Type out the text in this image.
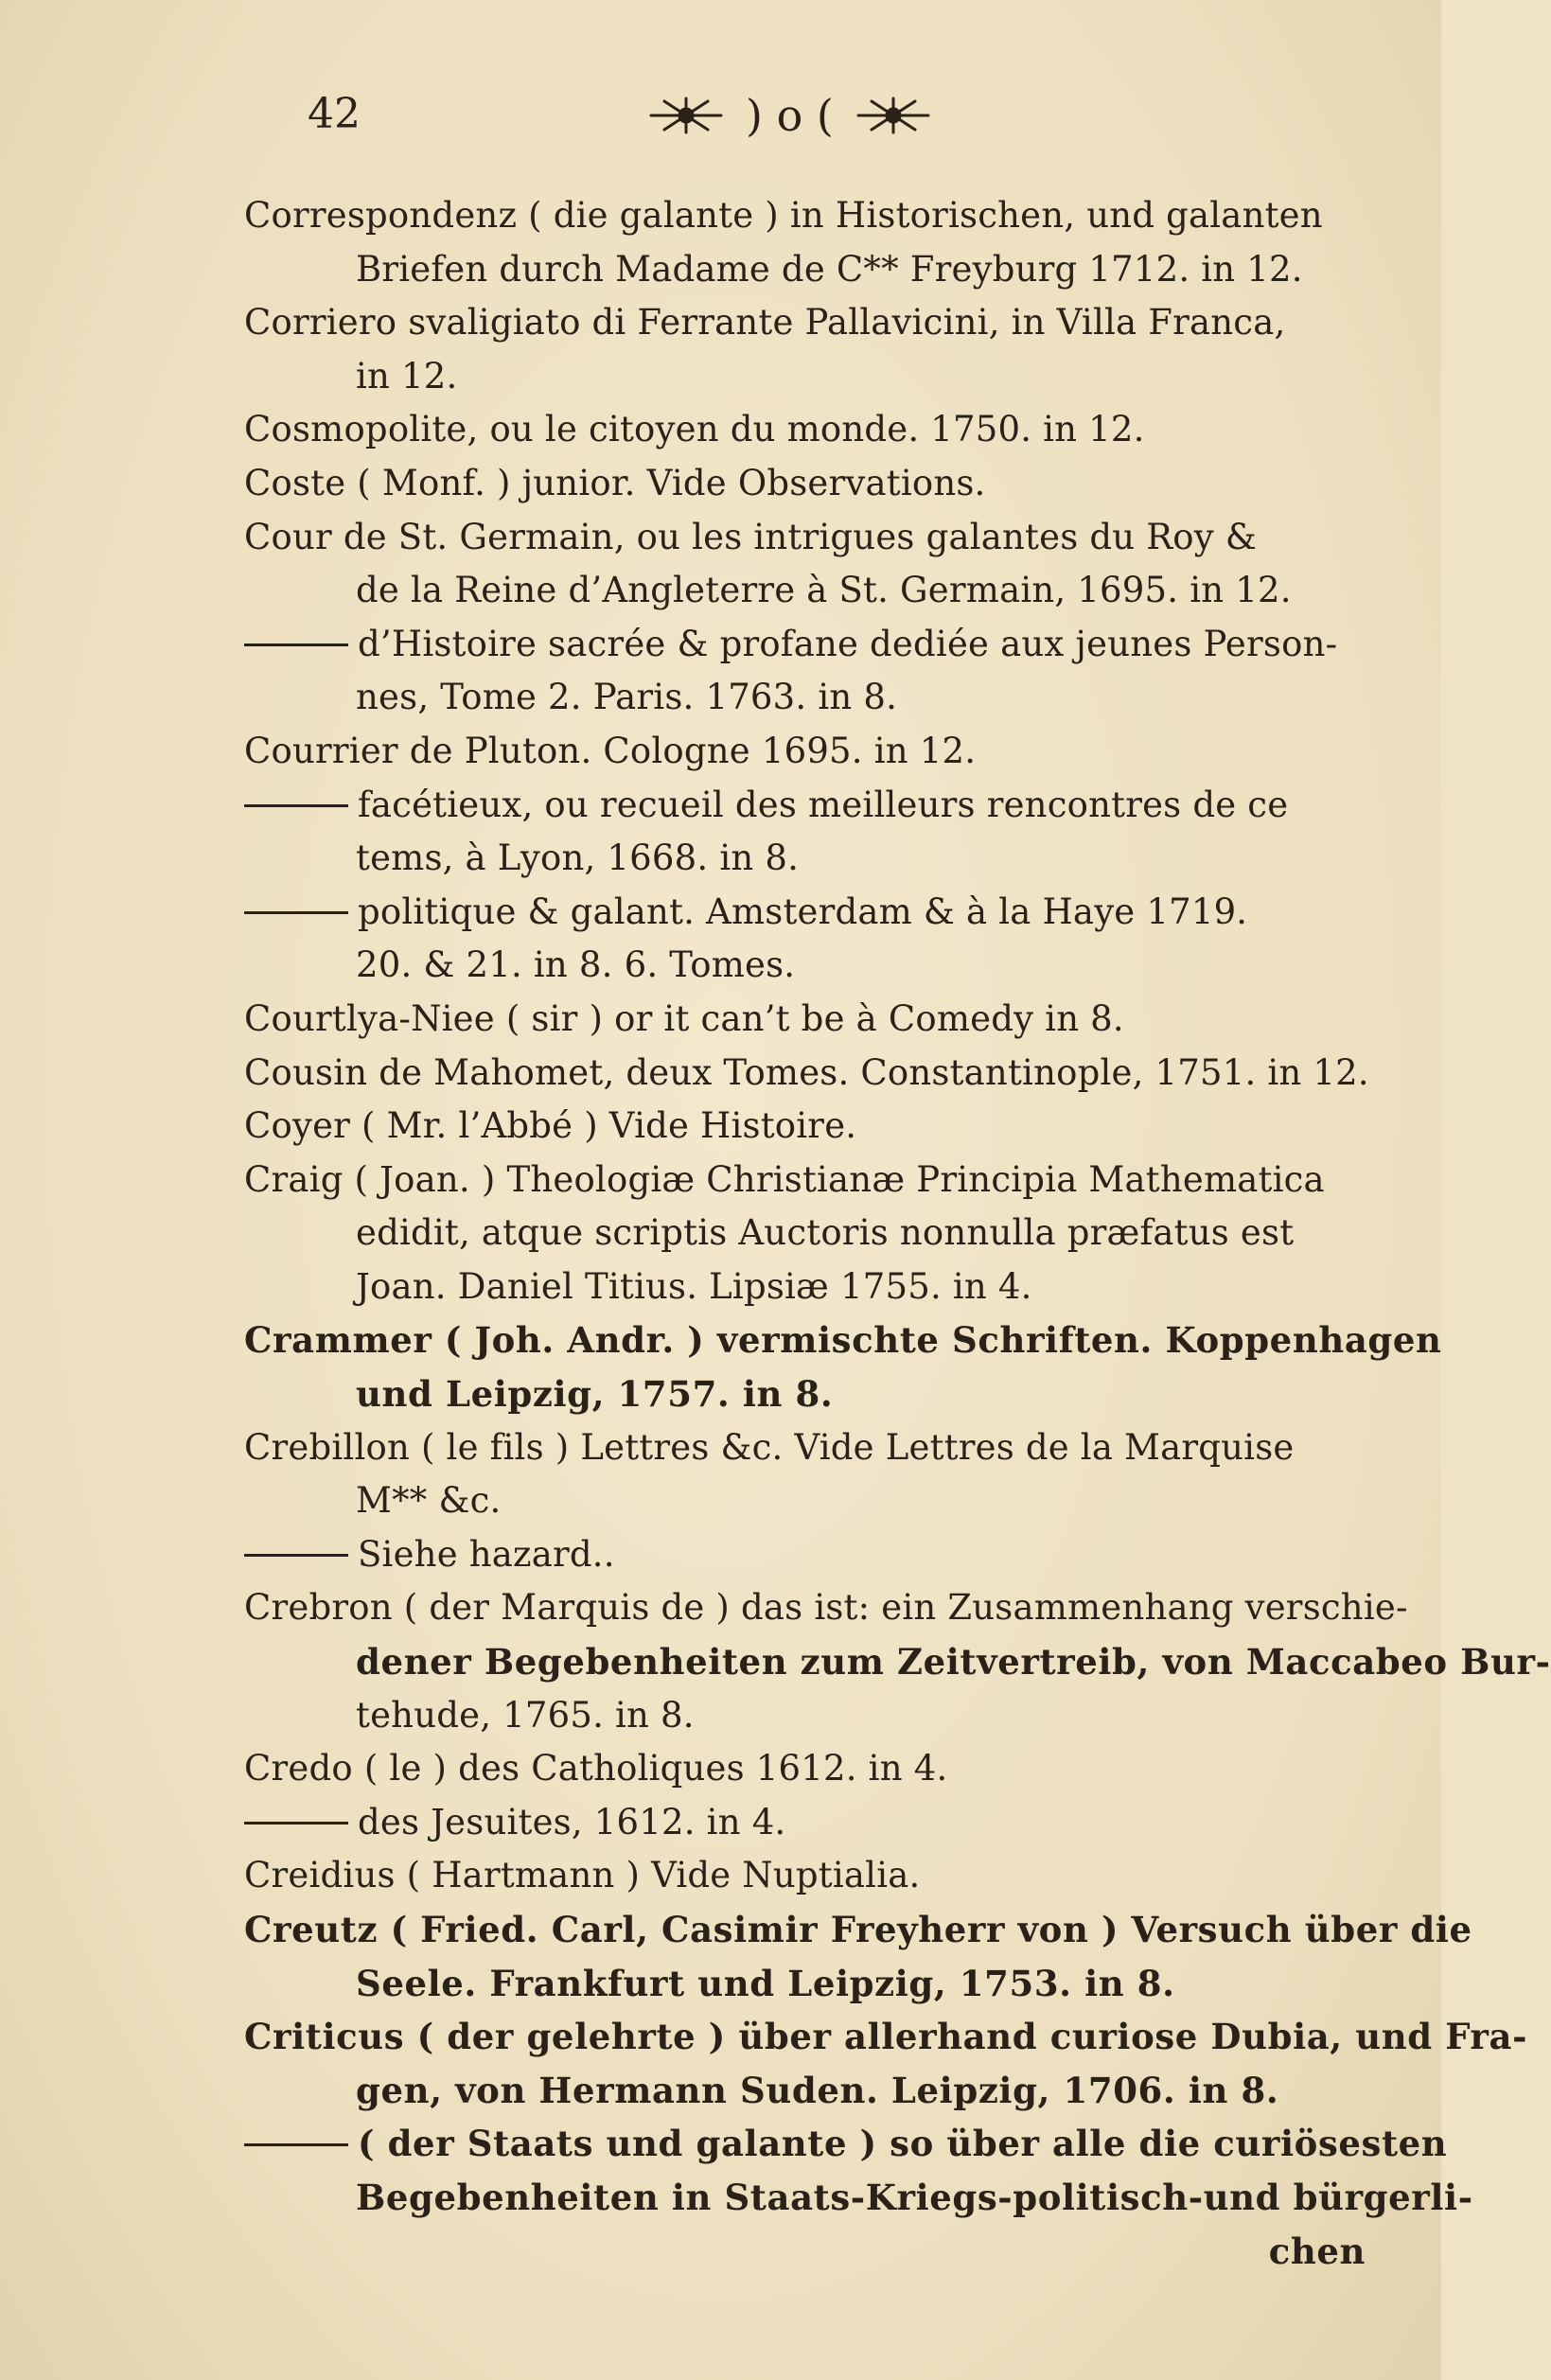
42	) o (
Correspondenz ( die galante ) in Historischen, und galanten
Briefen durch Madame de C** Freyburg 1712. in 12.
Corriero svaligiato di Ferrante Pallavicini, in Villa Franca,
in 12.
Cosmopolite, ou le citoyen du monde. 1750. in 12.
Coste ( Monf. ) junior. Vide Observations.
Cour de St. Germain, ou les intrigues galantes du Roy &
de la Reine d’Angleterre à St. Germain, 1695. in 12.
d’Histoire sacrée & profane dediée aux jeunes Person-
nes, Tome 2. Paris. 1763. in 8.
Courrier de Pluton. Cologne 1695. in 12.
facétieux, ou recueil des meilleurs rencontres de ce
tems, à Lyon, 1668. in 8.
politique & galant. Amsterdam & à la Haye 1719.
20. & 21. in 8. 6. Tomes.
Courtlya-Niee ( sir ) or it can’t be à Comedy in 8.
Cousin de Mahomet, deux Tomes. Constantinople, 1751. in 12.
Coyer ( Mr. l’Abbé ) Vide Histoire.
Craig ( Joan. ) Theologiæ Christianæ Principia Mathematica
edidit, atque scriptis Auctoris nonnulla præfatus est
Joan. Daniel Titius. Lipsiæ 1755. in 4.
Crammer ( Joh. Andr. ) vermischte Schriften. Koppenhagen
und Leipzig, 1757. in 8.
Crebillon ( le fils ) Lettres &c. Vide Lettres de la Marquise
M** &c.
Siehe hazard..
Crebron ( der Marquis de ) das ist: ein Zusammenhang verschie-
dener Begebenheiten zum Zeitvertreib, von Maccabeo Bur-
tehude, 1765. in 8.
Credo ( le ) des Catholiques 1612. in 4.
des Jesuites, 1612. in 4.
Creidius ( Hartmann ) Vide Nuptialia.
Creutz ( Fried. Carl, Casimir Freyherr von ) Versuch über die
Seele. Frankfurt und Leipzig, 1753. in 8.
Criticus ( der gelehrte ) über allerhand curiose Dubia, und Fra-
gen, von Hermann Suden. Leipzig, 1706. in 8.
( der Staats und galante ) so über alle die curiösesten
Begebenheiten in Staats-Kriegs-politisch-und bürgerli-
chen
